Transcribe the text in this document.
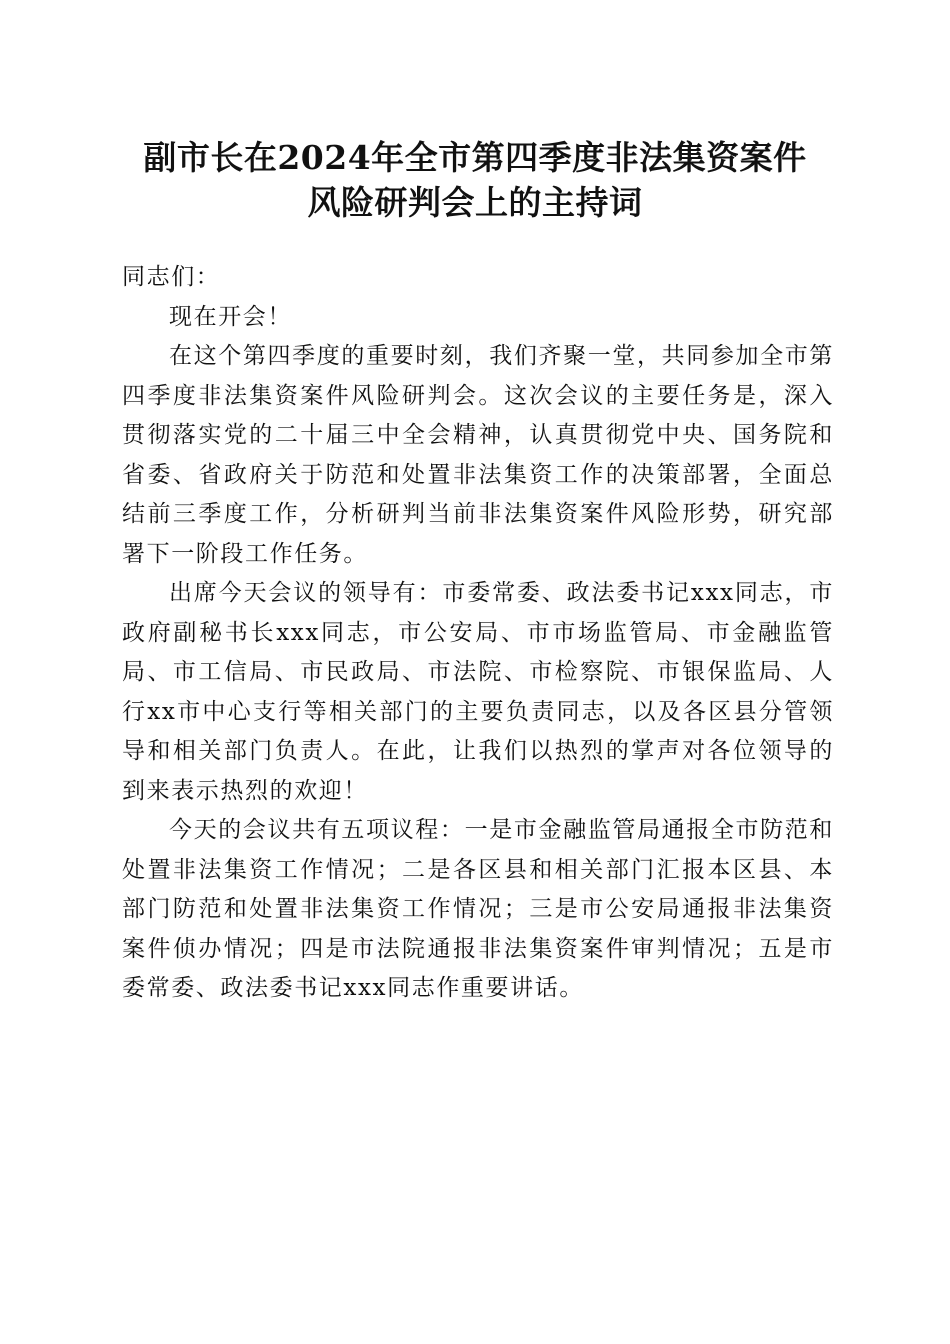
副市长在2024年全市第四季度非法集资案件
风险研判会上的主持词

同志们：

现在开会！

在这个第四季度的重要时刻，我们齐聚一堂，共同参加全市第四季度非法集资案件风险研判会。这次会议的主要任务是，深入贯彻落实党的二十届三中全会精神，认真贯彻党中央、国务院和省委、省政府关于防范和处置非法集资工作的决策部署，全面总结前三季度工作，分析研判当前非法集资案件风险形势，研究部署下一阶段工作任务。

出席今天会议的领导有：市委常委、政法委书记xxx同志，市政府副秘书长xxx同志，市公安局、市市场监管局、市金融监管局、市工信局、市民政局、市法院、市检察院、市银保监局、人行xx市中心支行等相关部门的主要负责同志，以及各区县分管领导和相关部门负责人。在此，让我们以热烈的掌声对各位领导的到来表示热烈的欢迎！

今天的会议共有五项议程：一是市金融监管局通报全市防范和处置非法集资工作情况；二是各区县和相关部门汇报本区县、本部门防范和处置非法集资工作情况；三是市公安局通报非法集资案件侦办情况；四是市法院通报非法集资案件审判情况；五是市委常委、政法委书记xxx同志作重要讲话。
